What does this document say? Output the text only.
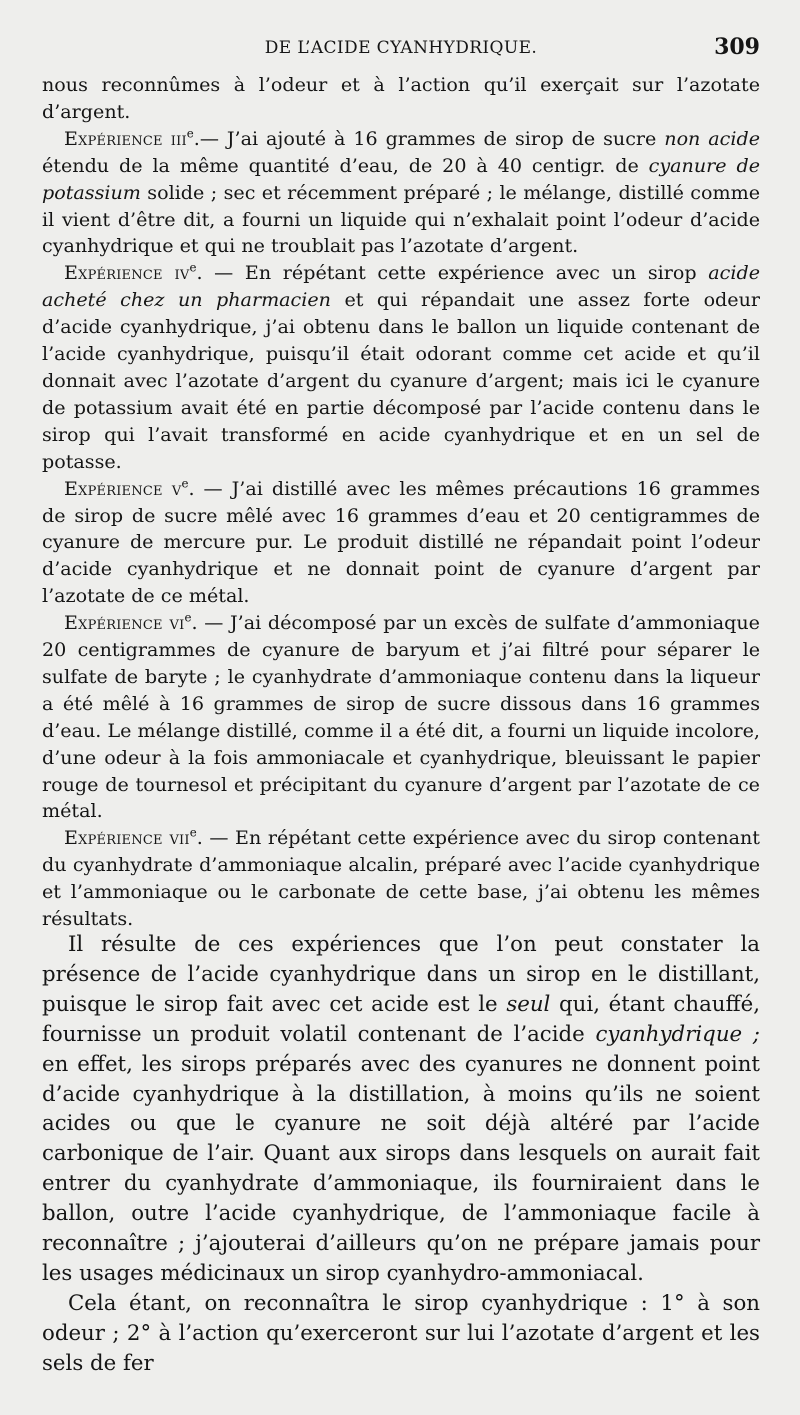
DE L’ACIDE CYANHYDRIQUE.	309

nous reconnûmes à l’odeur et à l’action qu’il exerçait sur l’azotate d’argent.

Expérience iii$^e$.— J’ai ajouté à 16 grammes de sirop de sucre non acide étendu de la même quantité d’eau, de 20 à 40 centigr. de cyanure de potassium solide ; sec et récemment préparé ; le mélange, distillé comme il vient d’être dit, a fourni un liquide qui n’exhalait point l’odeur d’acide cyanhydrique et qui ne troublait pas l’azotate d’argent.

Expérience $iv^e$. — En répétant cette expérience avec un sirop acide acheté chez un pharmacien et qui répandait une assez forte odeur d’acide cyanhydrique, j’ai obtenu dans le ballon un liquide contenant de l’acide cyanhydrique, puisqu’il était odorant comme cet acide et qu’il donnait avec l’azotate d’argent du cyanure d’argent; mais ici le cyanure de potassium avait été en partie décomposé par l’acide contenu dans le sirop qui l’avait transformé en acide cyanhydrique et en un sel de potasse.

Expérience $v^e$. — J’ai distillé avec les mêmes précautions 16 grammes de sirop de sucre mêlé avec 16 grammes d’eau et 20 centigrammes de cyanure de mercure pur. Le produit distillé ne répandait point l’odeur d’acide cyanhydrique et ne donnait point de cyanure d’argent par l’azotate de ce métal.

Expérience $vi^e$. — J’ai décomposé par un excès de sulfate d’ammoniaque 20 centigrammes de cyanure de baryum et j’ai filtré pour séparer le sulfate de baryte ; le cyanhydrate d’ammoniaque contenu dans la liqueur a été mêlé à 16 grammes de sirop de sucre dissous dans 16 grammes d’eau. Le mélange distillé, comme il a été dit, a fourni un liquide incolore, d’une odeur à la fois ammoniacale et cyanhydrique, bleuissant le papier rouge de tournesol et précipitant du cyanure d’argent par l’azotate de ce métal.

Expérience vii$^e$. — En répétant cette expérience avec du sirop contenant du cyanhydrate d’ammoniaque alcalin, préparé avec l’acide cyanhydrique et l’ammoniaque ou le carbonate de cette base, j’ai obtenu les mêmes résultats.

Il résulte de ces expériences que l’on peut constater la présence de l’acide cyanhydrique dans un sirop en le distillant, puisque le sirop fait avec cet acide est le seul qui, étant chauffé, fournisse un produit volatil contenant de l’acide cyanhydrique ; en effet, les sirops préparés avec des cyanures ne donnent point d’acide cyanhydrique à la distillation, à moins qu’ils ne soient acides ou que le cyanure ne soit déjà altéré par l’acide carbonique de l’air. Quant aux sirops dans lesquels on aurait fait entrer du cyanhydrate d’ammoniaque, ils fourniraient dans le ballon, outre l’acide cyanhydrique, de l’ammoniaque facile à reconnaître ; j’ajouterai d’ailleurs qu’on ne prépare jamais pour les usages médicinaux un sirop cyanhydro-ammoniacal.

Cela étant, on reconnaîtra le sirop cyanhydrique : 1° à son odeur ; 2° à l’action qu’exerceront sur lui l’azotate d’argent et les sels de fer
